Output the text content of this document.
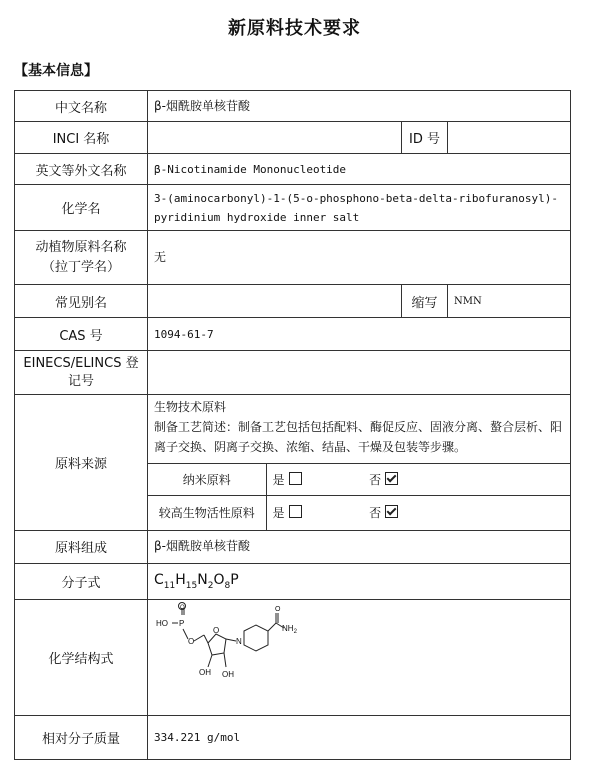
新原料技术要求
【基本信息】
中文名称	β-烟酰胺单核苷酸
INCI 名称		ID 号	
英文等外文名称	β-Nicotinamide Mononucleotide
化学名	3-(aminocarbonyl)-1-(5-o-phosphono-beta-delta-ribofuranosyl)-pyridinium hydroxide inner salt

动植物原料名称
（拉丁学名）
	无
常见别名		缩写	NMN
CAS 号	1094-61-7

EINECS/ELINCS 登
记号

原料来源	
生物技术原料
制备工艺简述：制备工艺包括包括配料、酶促反应、固液分离、螯合层析、阳离子交换、阴离子交换、浓缩、结晶、干燥及包装等步骤。
纳米原料	是	否
较高生物活性原料	是	否

原料组成	β-烟酰胺单核苷酸
分子式	$C_{11}H_{15}N_2O_8P$
化学结构式	
HO P
O
O
O
OH OH
N
O
$NH_2$

相对分子质量	334.221 g/mol
